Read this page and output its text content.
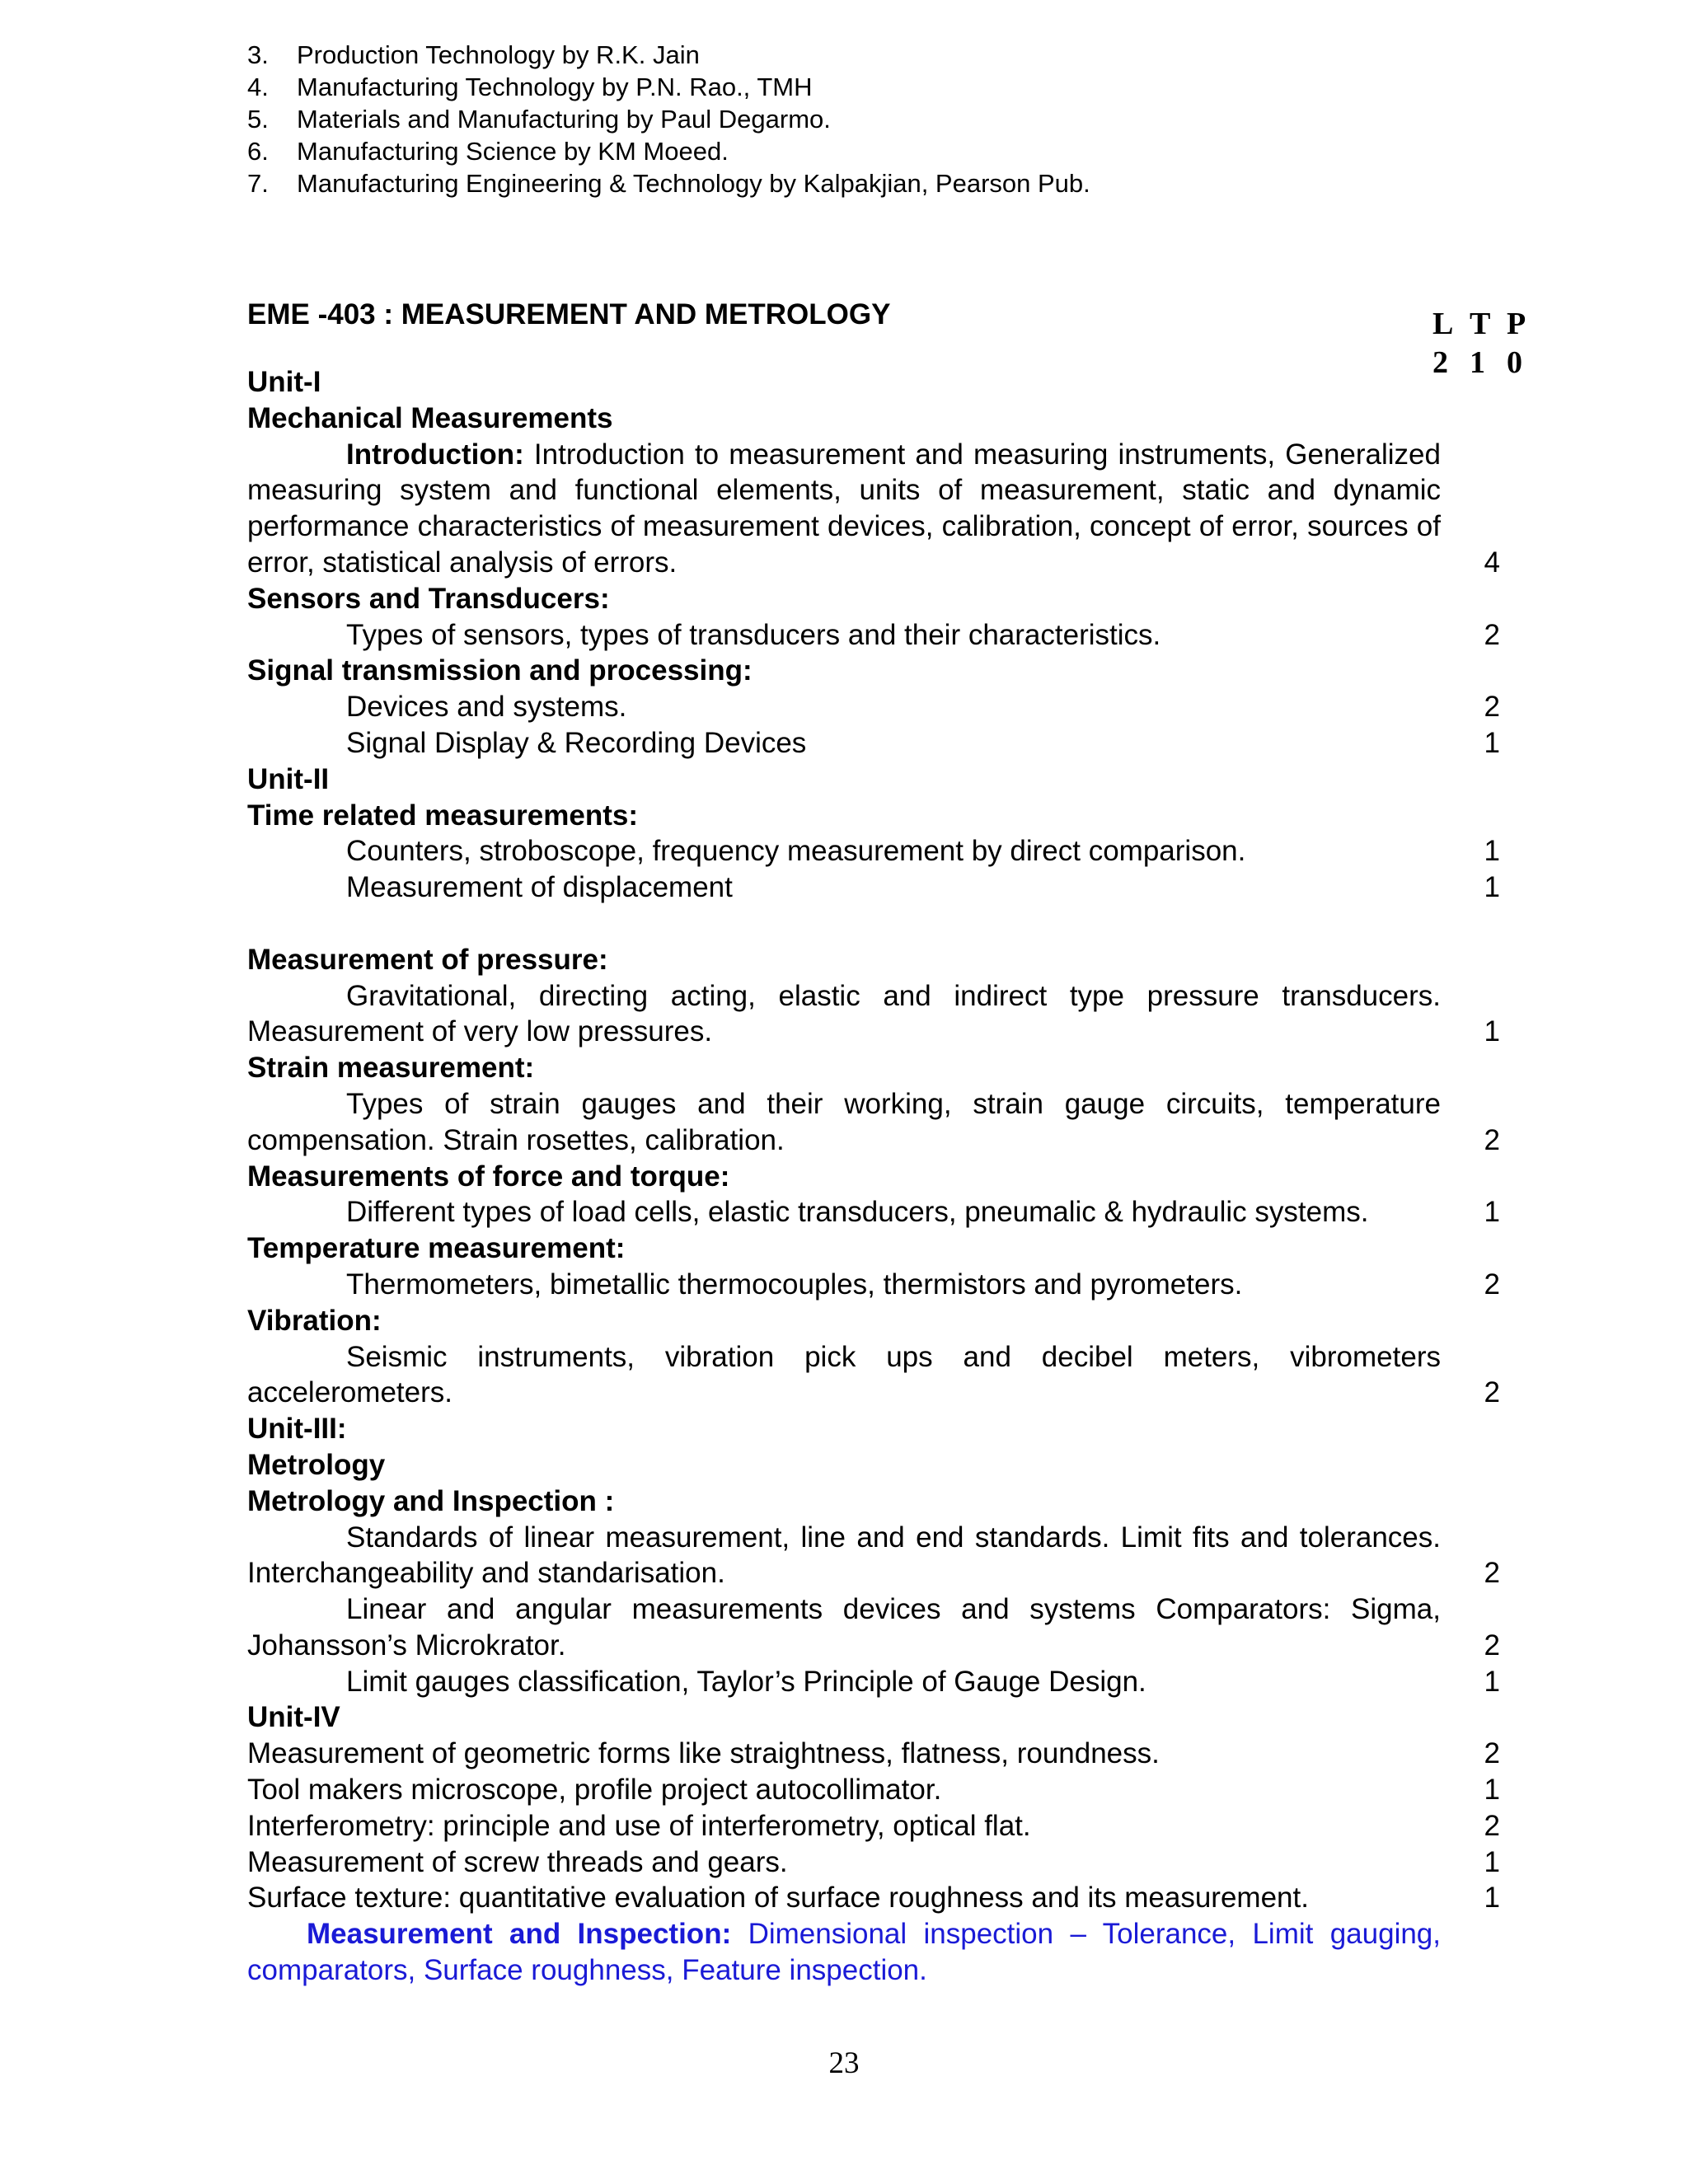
3.	Production Technology by R.K. Jain
4.	Manufacturing Technology by P.N. Rao., TMH
5.	Materials and Manufacturing by Paul Degarmo.
6.	Manufacturing Science by KM Moeed.
7.	Manufacturing Engineering & Technology by Kalpakjian, Pearson Pub.
EME -403 : MEASUREMENT AND METROLOGY	L T P
2 1 0
Unit-I
Mechanical Measurements
Introduction: Introduction to measurement and measuring instruments, Generalized measuring system and functional elements, units of measurement, static and dynamic performance characteristics of measurement devices, calibration, concept of error, sources of error, statistical analysis of errors.	4
Sensors and Transducers:
Types of sensors, types of transducers and their characteristics.	2
Signal transmission and processing:
Devices and systems.	2
Signal Display & Recording Devices	1
Unit-II
Time related measurements:
Counters, stroboscope, frequency measurement by direct comparison.	1
Measurement of displacement	1
Measurement of pressure:
Gravitational, directing acting, elastic and indirect type pressure transducers. Measurement of very low pressures.	1
Strain measurement:
Types of strain gauges and their working, strain gauge circuits, temperature compensation. Strain rosettes, calibration.	2
Measurements of force and torque:
Different types of load cells, elastic transducers, pneumalic & hydraulic systems.	1
Temperature measurement:
Thermometers, bimetallic thermocouples, thermistors and pyrometers.	2
Vibration:
Seismic instruments, vibration pick ups and decibel meters, vibrometers accelerometers.	2
Unit-III:
Metrology
Metrology and Inspection :
Standards of linear measurement, line and end standards. Limit fits and tolerances. Interchangeability and standarisation.	2
Linear and angular measurements devices and systems Comparators: Sigma, Johansson’s Microkrator.	2
Limit gauges classification, Taylor’s Principle of Gauge Design.	1
Unit-IV
Measurement of geometric forms like straightness, flatness, roundness.	2
Tool makers microscope, profile project autocollimator.	1
Interferometry: principle and use of interferometry, optical flat.	2
Measurement of screw threads and gears.	1
Surface texture: quantitative evaluation of surface roughness and its measurement.	1
Measurement and Inspection: Dimensional inspection – Tolerance, Limit gauging, comparators, Surface roughness, Feature inspection.
23
